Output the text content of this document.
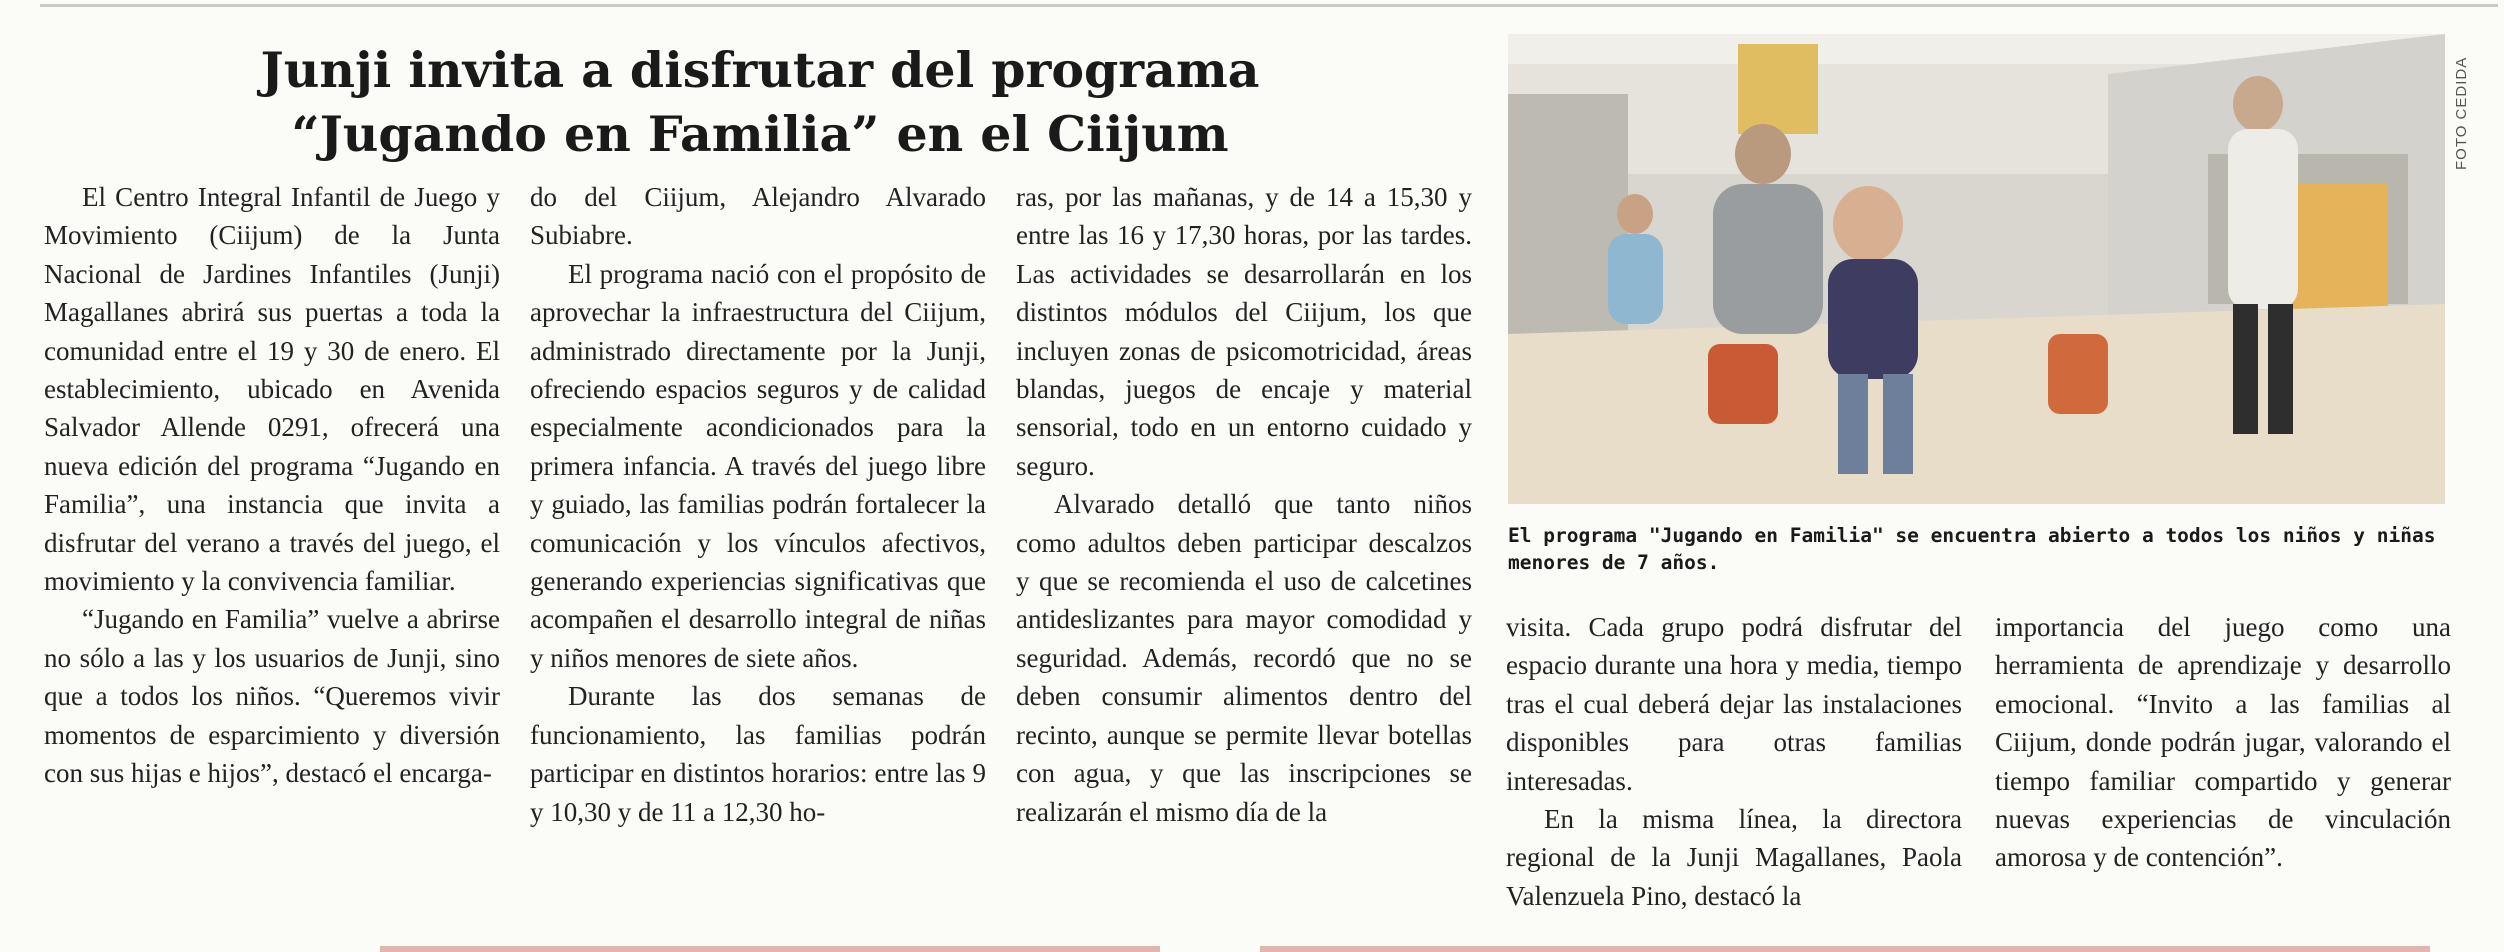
Junji invita a disfrutar del programa
“Jugando en Familia” en el Ciijum

El Centro Integral Infantil de Juego y Movimiento (Ciijum) de la Junta Nacional de Jardines Infantiles (Junji) Magallanes abrirá sus puertas a toda la comunidad entre el 19 y 30 de enero. El establecimiento, ubicado en Avenida Salvador Allende 0291, ofrecerá una nueva edición del programa “Jugando en Familia”, una instancia que invita a disfrutar del verano a través del juego, el movimiento y la convivencia familiar.

“Jugando en Familia” vuelve a abrirse no sólo a las y los usuarios de Junji, sino que a todos los niños. “Queremos vivir momentos de esparcimiento y diversión con sus hijas e hijos”, destacó el encarga-

do del Ciijum, Alejandro Alvarado Subiabre.

El programa nació con el propósito de aprovechar la infraestructura del Ciijum, administrado directamente por la Junji, ofreciendo espacios seguros y de calidad especialmente acondicionados para la primera infancia. A través del juego libre y guiado, las familias podrán fortalecer la comunicación y los vínculos afectivos, generando experiencias significativas que acompañen el desarrollo integral de niñas y niños menores de siete años.

Durante las dos semanas de funcionamiento, las familias podrán participar en distintos horarios: entre las 9 y 10,30 y de 11 a 12,30 ho-

ras, por las mañanas, y de 14 a 15,30 y entre las 16 y 17,30 horas, por las tardes. Las actividades se desarrollarán en los distintos módulos del Ciijum, los que incluyen zonas de psicomotricidad, áreas blandas, juegos de encaje y material sensorial, todo en un entorno cuidado y seguro.

Alvarado detalló que tanto niños como adultos deben participar descalzos y que se recomienda el uso de calcetines antideslizantes para mayor comodidad y seguridad. Además, recordó que no se deben consumir alimentos dentro del recinto, aunque se permite llevar botellas con agua, y que las inscripciones se realizarán el mismo día de la

FOTO CEDIDA
El programa "Jugando en Familia" se encuentra abierto a todos los niños y niñas menores de 7 años.

visita. Cada grupo podrá disfrutar del espacio durante una hora y media, tiempo tras el cual deberá dejar las instalaciones disponibles para otras familias interesadas.

En la misma línea, la directora regional de la Junji Magallanes, Paola Valenzuela Pino, destacó la

importancia del juego como una herramienta de aprendizaje y desarrollo emocional. “Invito a las familias al Ciijum, donde podrán jugar, valorando el tiempo familiar compartido y generar nuevas experiencias de vinculación amorosa y de contención”.
